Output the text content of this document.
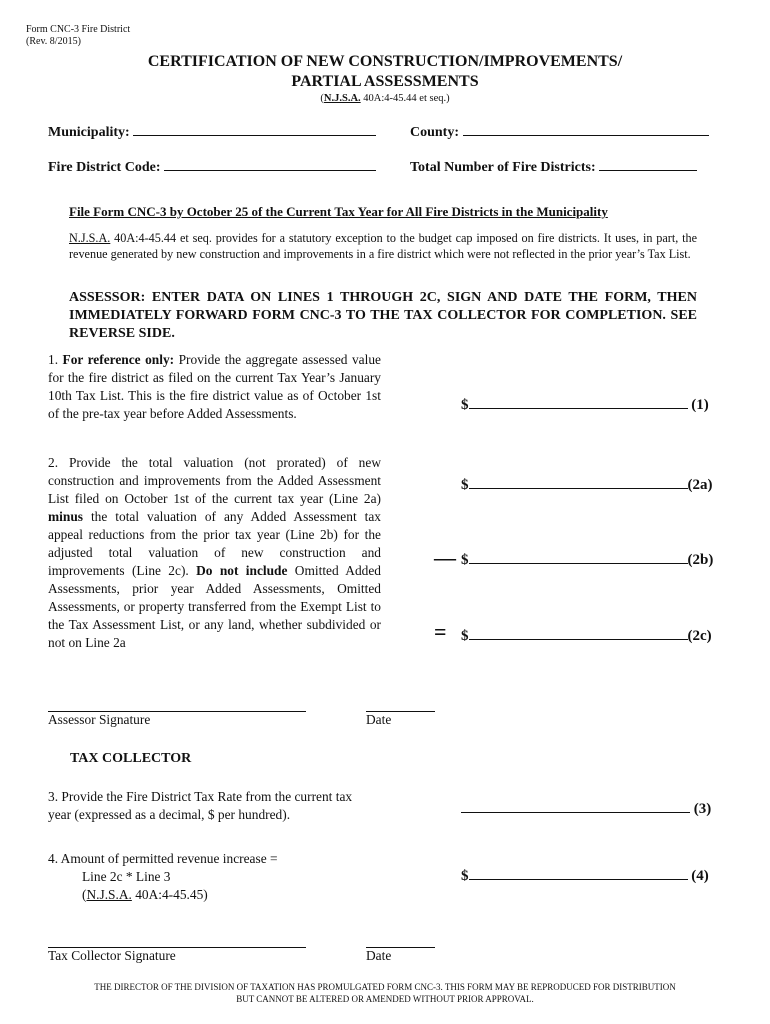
Form CNC-3 Fire District
(Rev. 8/2015)
CERTIFICATION OF NEW CONSTRUCTION/IMPROVEMENTS/
PARTIAL ASSESSMENTS
(N.J.S.A. 40A:4-45.44 et seq.)
Municipality:	County:
Fire District Code:	Total Number of Fire Districts:
File Form CNC-3 by October 25 of the Current Tax Year for All Fire Districts in the Municipality
N.J.S.A. 40A:4-45.44 et seq. provides for a statutory exception to the budget cap imposed on fire districts. It uses, in part, the revenue generated by new construction and improvements in a fire district which were not reflected in the prior year’s Tax List.
ASSESSOR: ENTER DATA ON LINES 1 THROUGH 2C, SIGN AND DATE THE FORM, THEN IMMEDIATELY FORWARD FORM CNC-3 TO THE TAX COLLECTOR FOR COMPLETION. SEE REVERSE SIDE.
1. For reference only: Provide the aggregate assessed value for the fire district as filed on the current Tax Year’s January 10th Tax List. This is the fire district value as of October 1st of the pre-tax year before Added Assessments.
$	(1)
2. Provide the total valuation (not prorated) of new construction and improvements from the Added Assessment List filed on October 1st of the current tax year (Line 2a) minus the total valuation of any Added Assessment tax appeal reductions from the prior tax year (Line 2b) for the adjusted total valuation of new construction and improvements (Line 2c). Do not include Omitted Added Assessments, prior year Added Assessments, Omitted Assessments, or property transferred from the Exempt List to the Tax Assessment List, or any land, whether subdivided or not on Line 2a
$	(2a)
— $	(2b)
= $	(2c)
Assessor Signature	Date
TAX COLLECTOR
3. Provide the Fire District Tax Rate from the current tax year (expressed as a decimal, $ per hundred).	(3)
4. Amount of permitted revenue increase =
Line 2c * Line 3
(N.J.S.A. 40A:4-45.45)
$	(4)
Tax Collector Signature	Date
THE DIRECTOR OF THE DIVISION OF TAXATION HAS PROMULGATED FORM CNC-3. THIS FORM MAY BE REPRODUCED FOR DISTRIBUTION
BUT CANNOT BE ALTERED OR AMENDED WITHOUT PRIOR APPROVAL.
